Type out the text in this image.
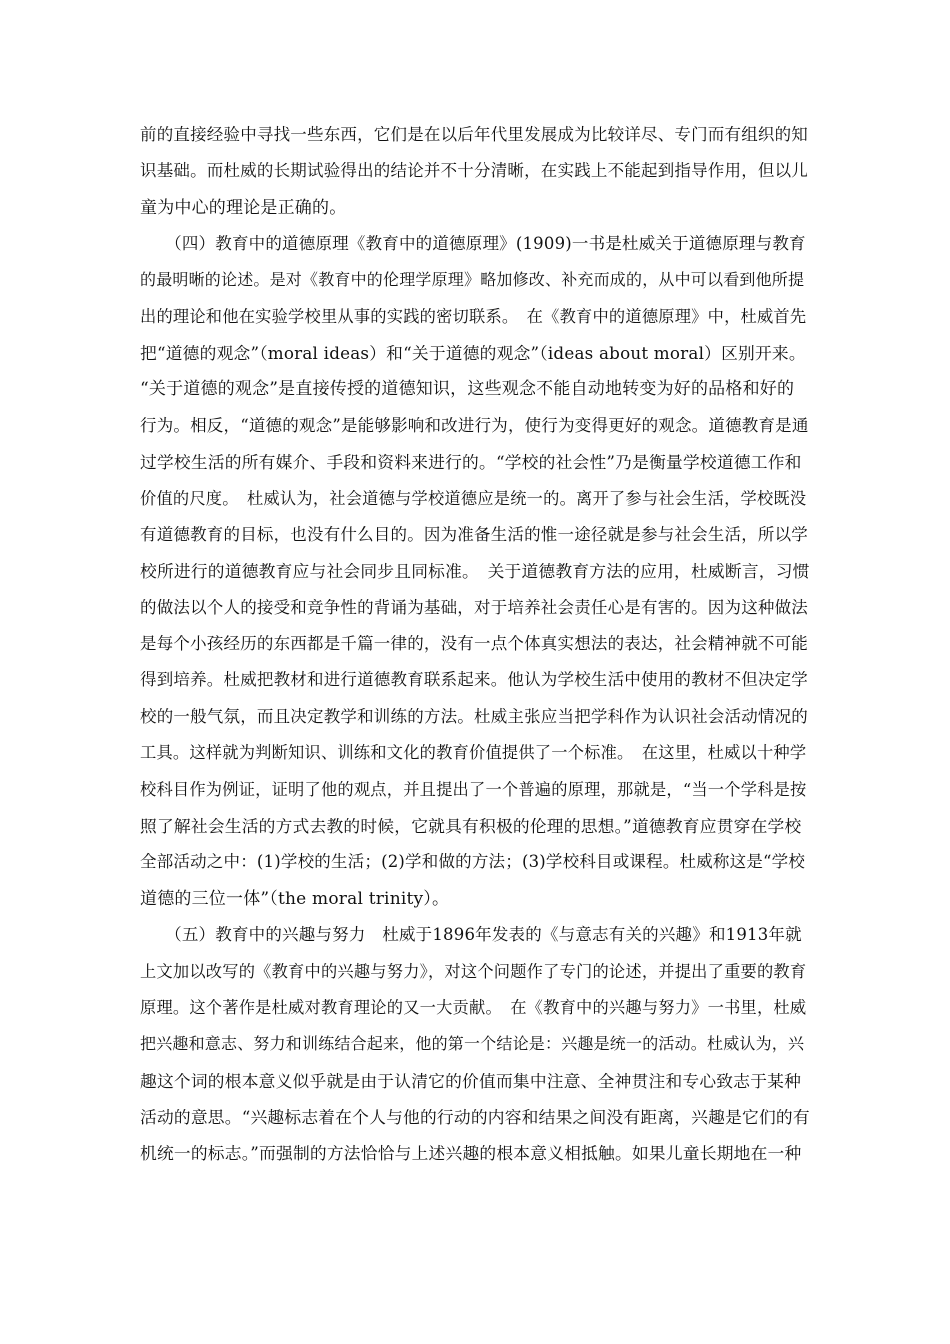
前的直接经验中寻找一些东西，它们是在以后年代里发展成为比较详尽、专门而有组织的知
识基础。而杜威的长期试验得出的结论并不十分清晰，在实践上不能起到指导作用，但以儿
童为中心的理论是正确的。
　　（四）教育中的道德原理《教育中的道德原理》(1909)一书是杜威关于道德原理与教育
的最明晰的论述。是对《教育中的伦理学原理》略加修改、补充而成的，从中可以看到他所提
出的理论和他在实验学校里从事的实践的密切联系。　在《教育中的道德原理》中，杜威首先
把“道德的观念”（moral ideas）和“关于道德的观念”（ideas about moral）区别开来。
“关于道德的观念”是直接传授的道德知识，这些观念不能自动地转变为好的品格和好的
行为。相反，“道德的观念”是能够影响和改进行为，使行为变得更好的观念。道德教育是通
过学校生活的所有媒介、手段和资料来进行的。“学校的社会性”乃是衡量学校道德工作和
价值的尺度。　杜威认为，社会道德与学校道德应是统一的。离开了参与社会生活，学校既没
有道德教育的目标，也没有什么目的。因为准备生活的惟一途径就是参与社会生活，所以学
校所进行的道德教育应与社会同步且同标准。　关于道德教育方法的应用，杜威断言，习惯
的做法以个人的接受和竞争性的背诵为基础，对于培养社会责任心是有害的。因为这种做法
是每个小孩经历的东西都是千篇一律的，没有一点个体真实想法的表达，社会精神就不可能
得到培养。杜威把教材和进行道德教育联系起来。他认为学校生活中使用的教材不但决定学
校的一般气氛，而且决定教学和训练的方法。杜威主张应当把学科作为认识社会活动情况的
工具。这样就为判断知识、训练和文化的教育价值提供了一个标准。　在这里，杜威以十种学
校科目作为例证，证明了他的观点，并且提出了一个普遍的原理，那就是，“当一个学科是按
照了解社会生活的方式去教的时候，它就具有积极的伦理的思想。”道德教育应贯穿在学校
全部活动之中：(1)学校的生活；(2)学和做的方法；(3)学校科目或课程。杜威称这是“学校
道德的三位一体”（the moral trinity）。
　　（五）教育中的兴趣与努力　杜威于1896年发表的《与意志有关的兴趣》和1913年就
上文加以改写的《教育中的兴趣与努力》，对这个问题作了专门的论述，并提出了重要的教育
原理。这个著作是杜威对教育理论的又一大贡献。　在《教育中的兴趣与努力》一书里，杜威
把兴趣和意志、努力和训练结合起来，他的第一个结论是：兴趣是统一的活动。杜威认为，兴
趣这个词的根本意义似乎就是由于认清它的价值而集中注意、全神贯注和专心致志于某种
活动的意思。“兴趣标志着在个人与他的行动的内容和结果之间没有距离，兴趣是它们的有
机统一的标志。”而强制的方法恰恰与上述兴趣的根本意义相抵触。如果儿童长期地在一种
